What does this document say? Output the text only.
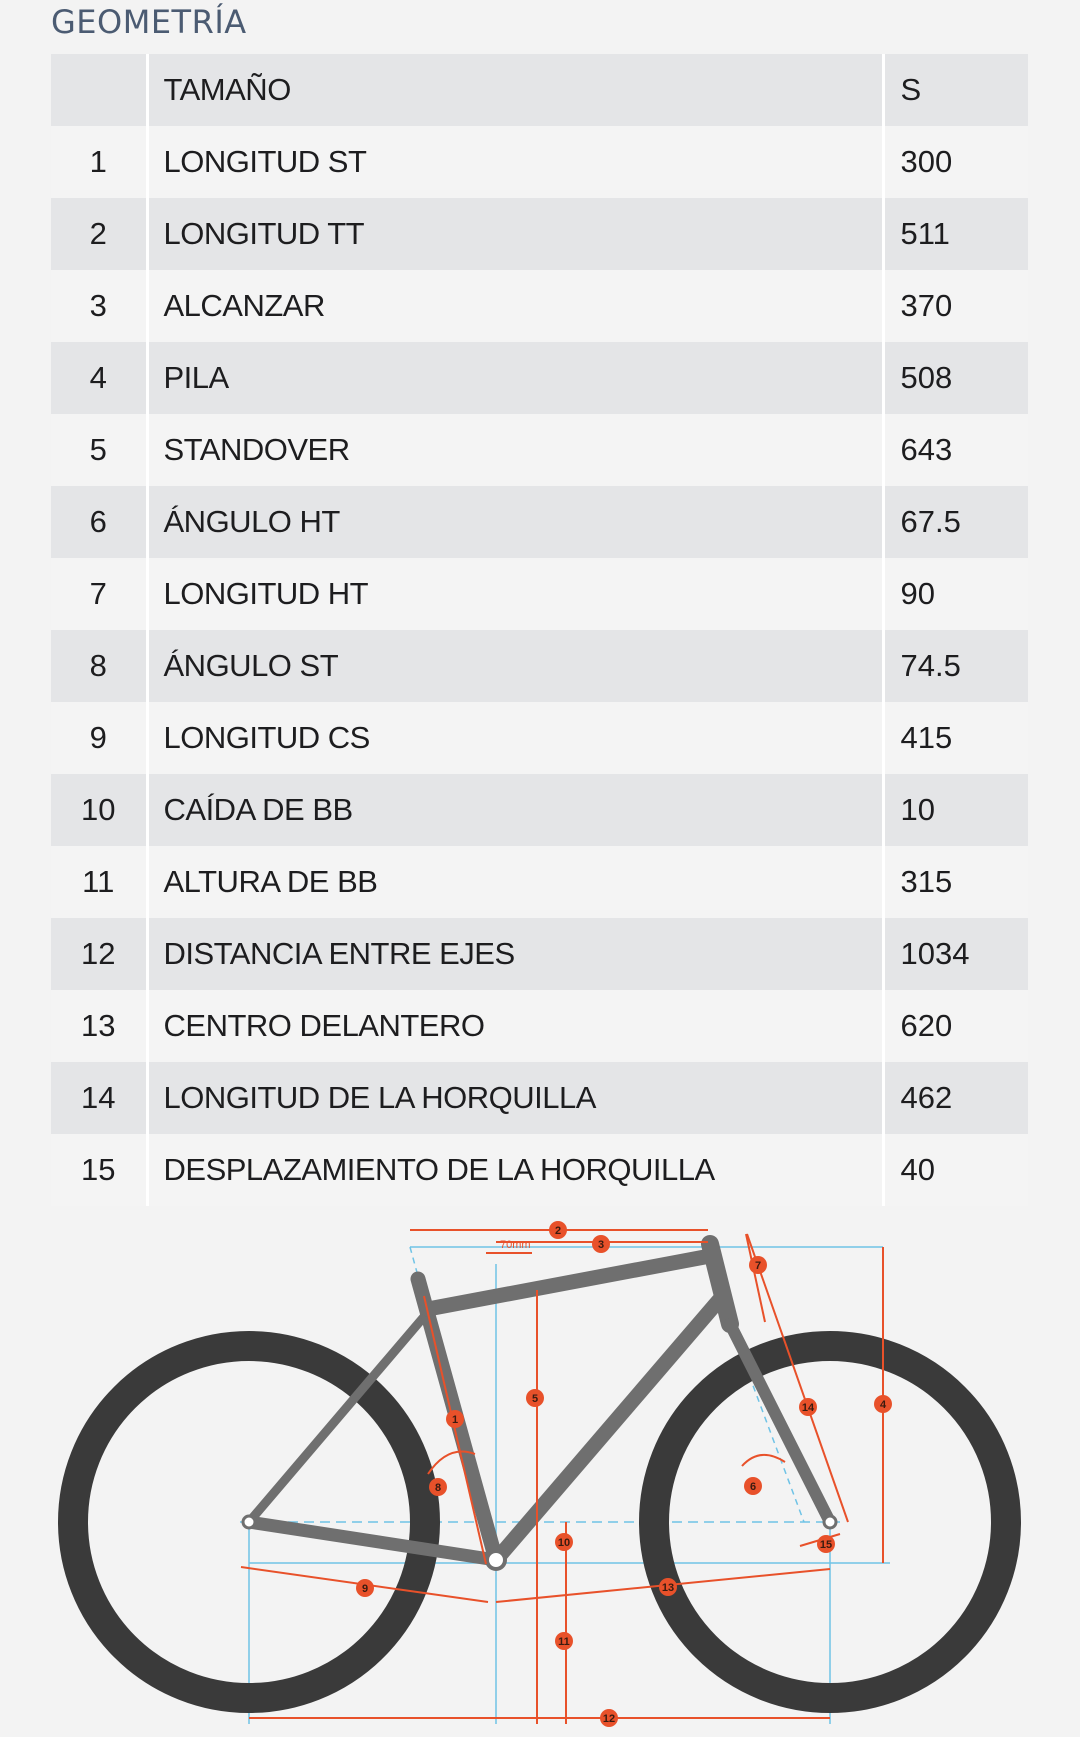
GEOMETRÍA
	TAMAÑO	S
1	LONGITUD ST	300
2	LONGITUD TT	511
3	ALCANZAR	370
4	PILA	508
5	STANDOVER	643
6	ÁNGULO HT	67.5
7	LONGITUD HT	90
8	ÁNGULO ST	74.5
9	LONGITUD CS	415
10	CAÍDA DE BB	10
11	ALTURA DE BB	315
12	DISTANCIA ENTRE EJES	1034
13	CENTRO DELANTERO	620
14	LONGITUD DE LA HORQUILLA	462
15	DESPLAZAMIENTO DE LA HORQUILLA	40
70mm
1
2
3
4
5
6
7
8
9
10
11
12
13
14
15
